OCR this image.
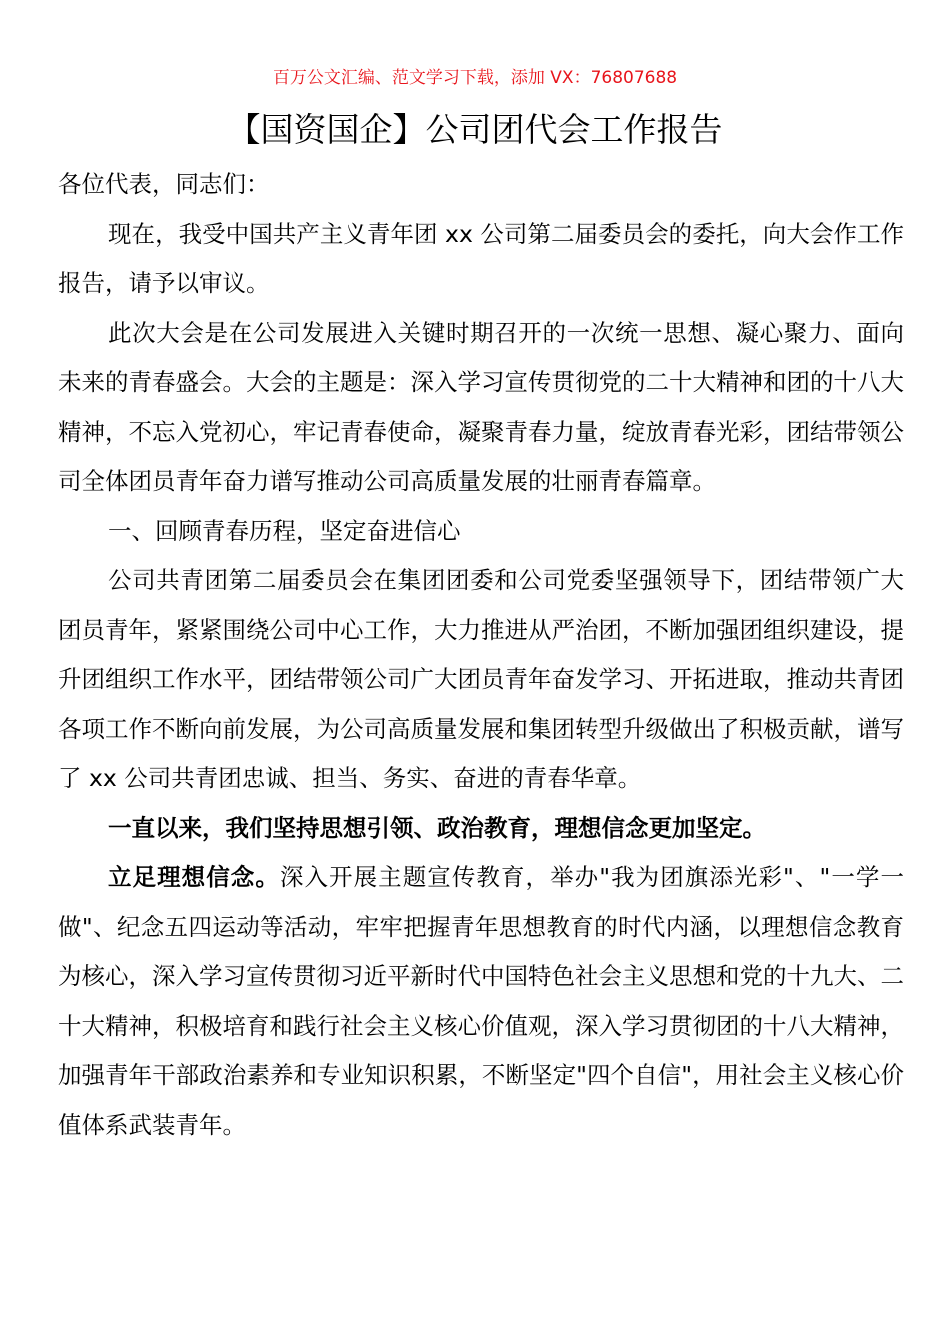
百万公文汇编、范文学习下载，添加 VX：76807688
【国资国企】公司团代会工作报告

各位代表，同志们：

现在，我受中国共产主义青年团 xx 公司第二届委员会的委托，向大会作工作报告，请予以审议。

此次大会是在公司发展进入关键时期召开的一次统一思想、凝心聚力、面向未来的青春盛会。大会的主题是：深入学习宣传贯彻党的二十大精神和团的十八大精神，不忘入党初心，牢记青春使命，凝聚青春力量，绽放青春光彩，团结带领公司全体团员青年奋力谱写推动公司高质量发展的壮丽青春篇章。

一、回顾青春历程，坚定奋进信心

公司共青团第二届委员会在集团团委和公司党委坚强领导下，团结带领广大团员青年，紧紧围绕公司中心工作，大力推进从严治团，不断加强团组织建设，提升团组织工作水平，团结带领公司广大团员青年奋发学习、开拓进取，推动共青团各项工作不断向前发展，为公司高质量发展和集团转型升级做出了积极贡献，谱写了 xx 公司共青团忠诚、担当、务实、奋进的青春华章。

一直以来，我们坚持思想引领、政治教育，理想信念更加坚定。

立足理想信念。深入开展主题宣传教育，举办"我为团旗添光彩"、"一学一做"、纪念五四运动等活动，牢牢把握青年思想教育的时代内涵，以理想信念教育为核心，深入学习宣传贯彻习近平新时代中国特色社会主义思想和党的十九大、二十大精神，积极培育和践行社会主义核心价值观，深入学习贯彻团的十八大精神，加强青年干部政治素养和专业知识积累，不断坚定"四个自信"，用社会主义核心价值体系武装青年。
